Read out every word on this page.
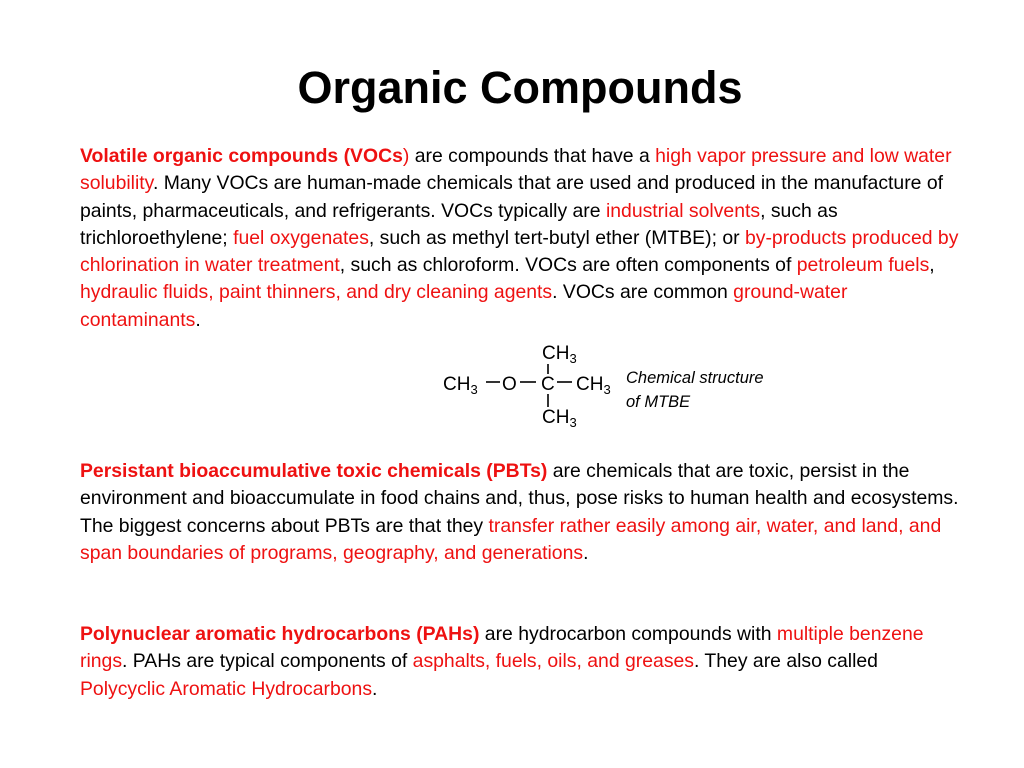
Organic Compounds

Volatile organic compounds (VOCs) are compounds that have a high vapor pressure and low water solubility. Many VOCs are human-made chemicals that are used and produced in the manufacture of paints, pharmaceuticals, and refrigerants. VOCs typically are industrial solvents, such as trichloroethylene; fuel oxygenates, such as methyl tert-butyl ether (MTBE); or by-products produced by chlorination in water treatment, such as chloroform. VOCs are often components of petroleum fuels, hydraulic fluids, paint thinners, and dry cleaning agents. VOCs are common ground-water contaminants.

$CH_3$
$CH_3$ O C $CH_3$
$CH_3$
Chemical structure
of MTBE

Persistant bioaccumulative toxic chemicals (PBTs) are chemicals that are toxic, persist in the environment and bioaccumulate in food chains and, thus, pose risks to human health and ecosystems. The biggest concerns about PBTs are that they transfer rather easily among air, water, and land, and span boundaries of programs, geography, and generations.

Polynuclear aromatic hydrocarbons (PAHs) are hydrocarbon compounds with multiple benzene rings. PAHs are typical components of asphalts, fuels, oils, and greases. They are also called Polycyclic Aromatic Hydrocarbons.
